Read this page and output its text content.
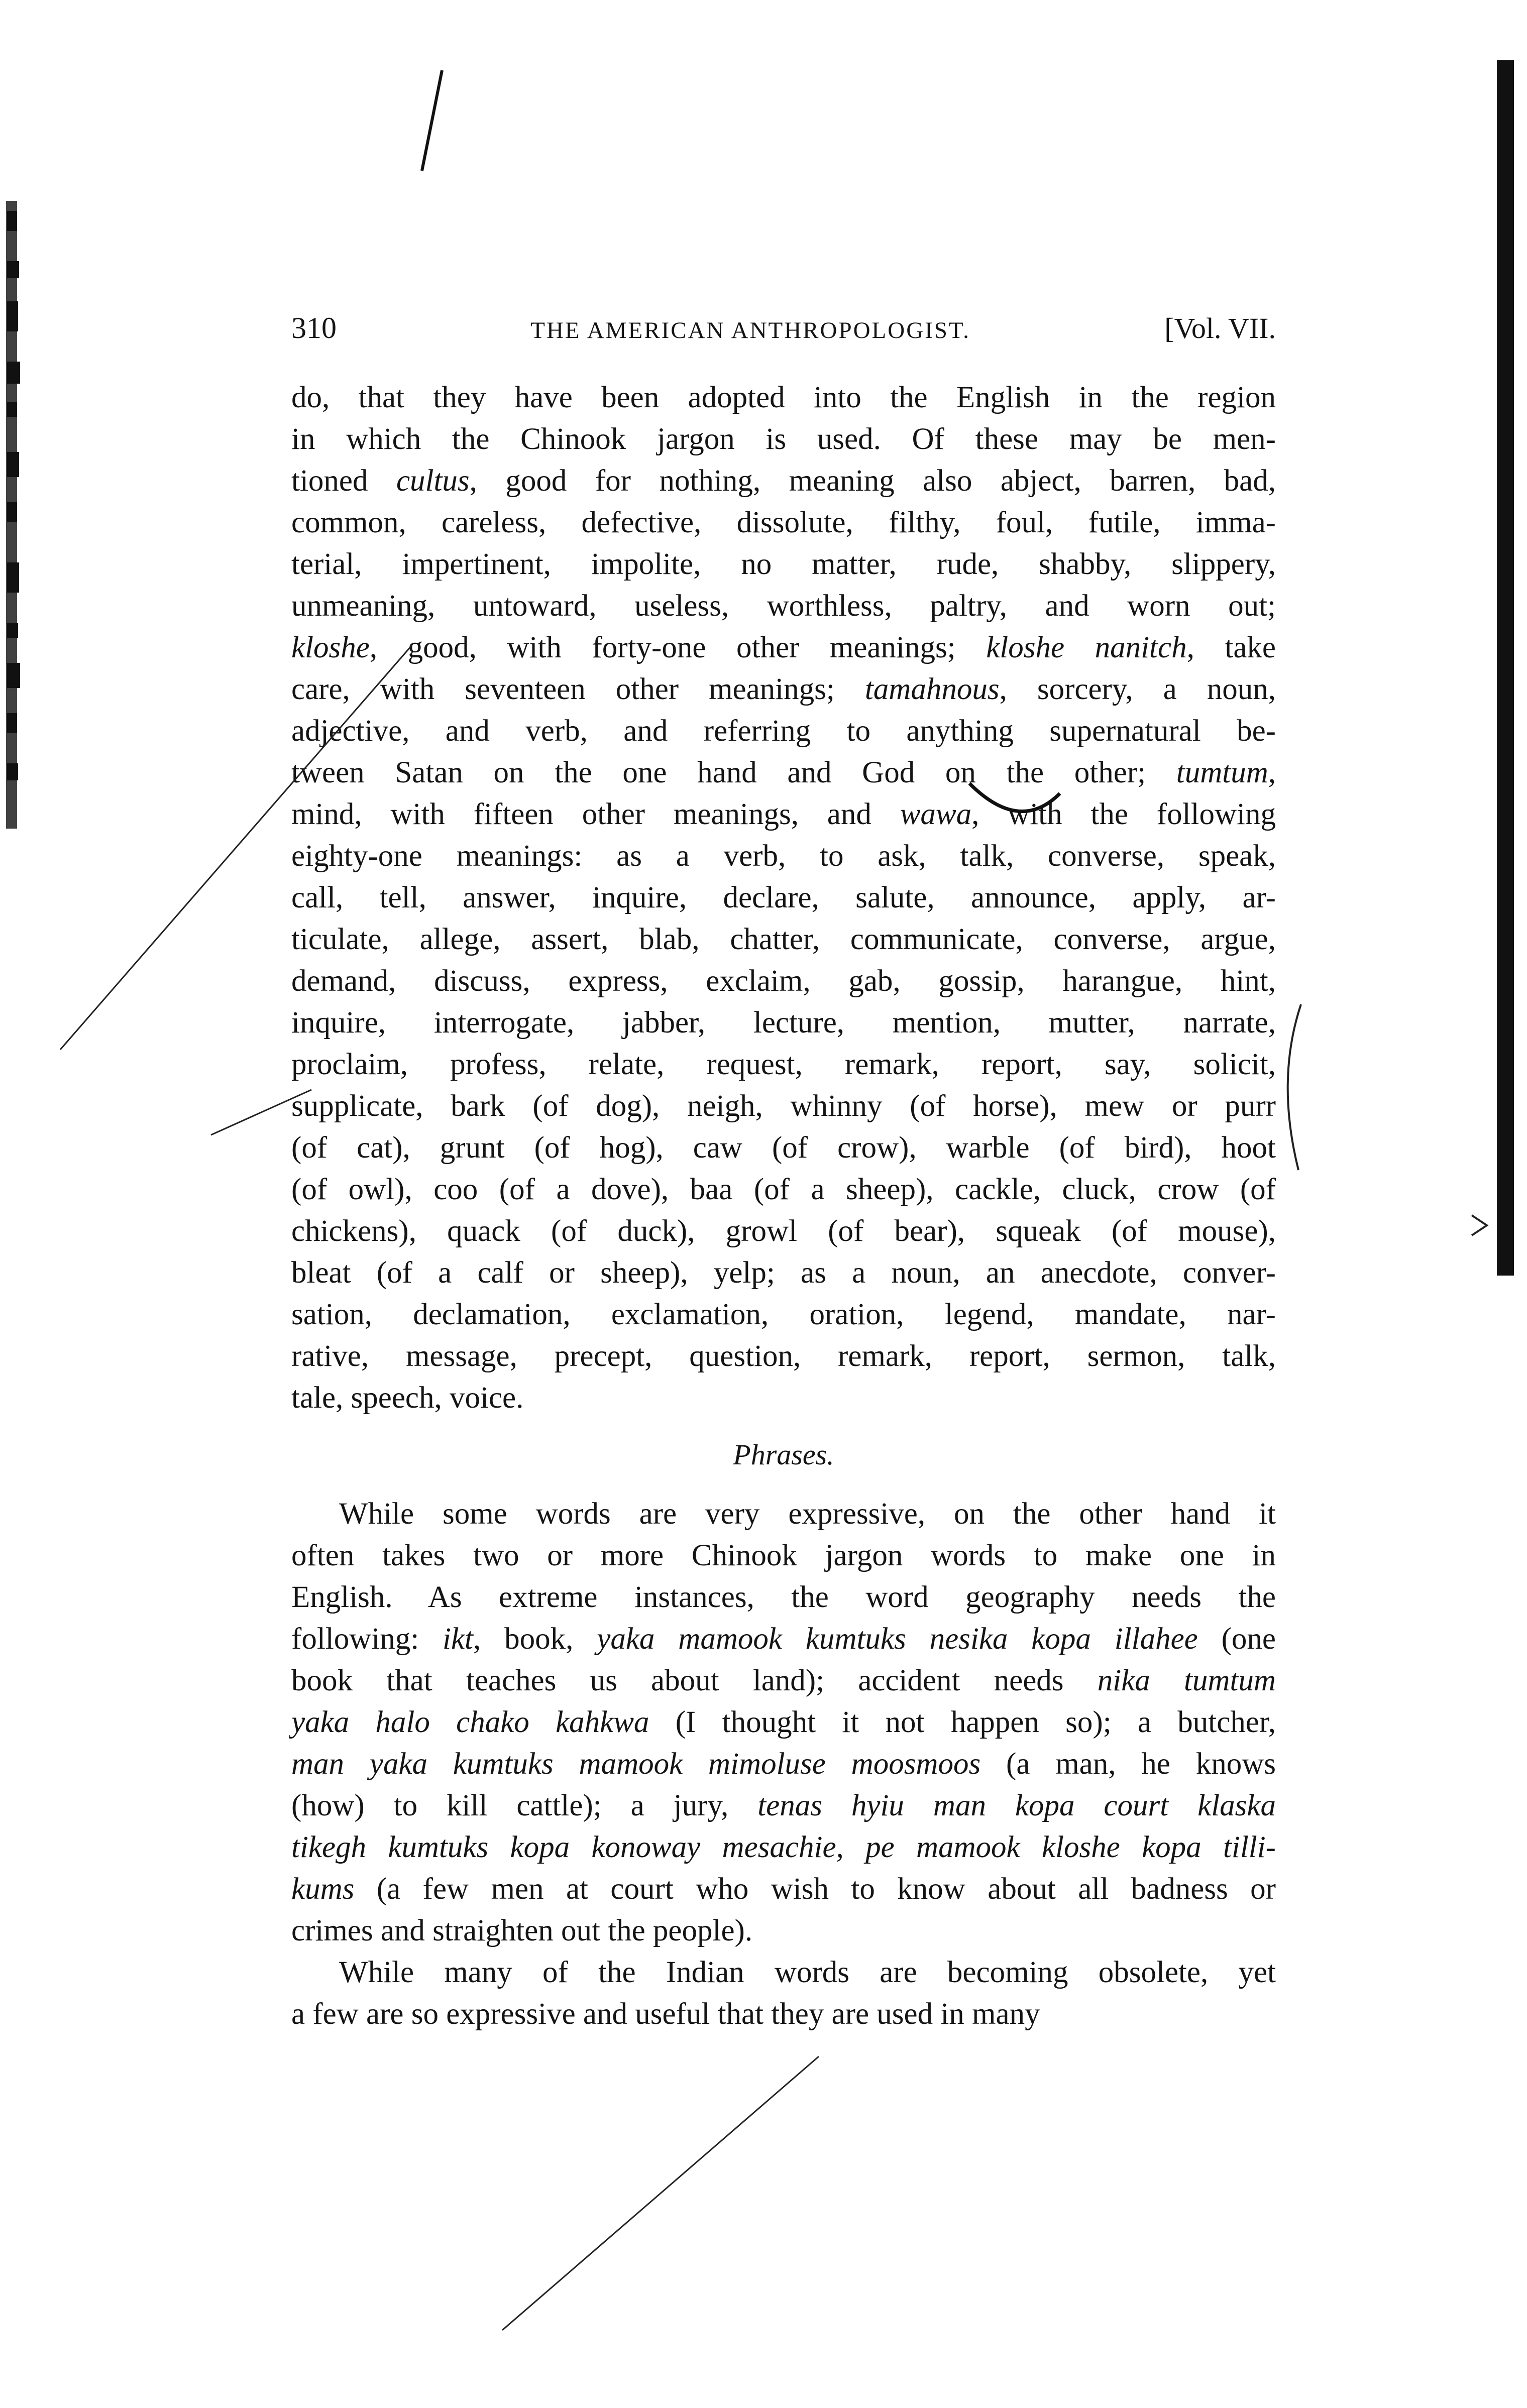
310	THE AMERICAN ANTHROPOLOGIST.	[Vol. VII.
do, that they have been adopted into the English in the region
in which the Chinook jargon is used. Of these may be men-
tioned cultus, good for nothing, meaning also abject, barren, bad,
common, careless, defective, dissolute, filthy, foul, futile, imma-
terial, impertinent, impolite, no matter, rude, shabby, slippery,
unmeaning, untoward, useless, worthless, paltry, and worn out;
kloshe, good, with forty-one other meanings; kloshe nanitch, take
care, with seventeen other meanings; tamahnous, sorcery, a noun,
adjective, and verb, and referring to anything supernatural be-
tween Satan on the one hand and God on the other; tumtum,
mind, with fifteen other meanings, and wawa, with the following
eighty-one meanings: as a verb, to ask, talk, converse, speak,
call, tell, answer, inquire, declare, salute, announce, apply, ar-
ticulate, allege, assert, blab, chatter, communicate, converse, argue,
demand, discuss, express, exclaim, gab, gossip, harangue, hint,
inquire, interrogate, jabber, lecture, mention, mutter, narrate,
proclaim, profess, relate, request, remark, report, say, solicit,
supplicate, bark (of dog), neigh, whinny (of horse), mew or purr
(of cat), grunt (of hog), caw (of crow), warble (of bird), hoot
(of owl), coo (of a dove), baa (of a sheep), cackle, cluck, crow (of
chickens), quack (of duck), growl (of bear), squeak (of mouse),
bleat (of a calf or sheep), yelp; as a noun, an anecdote, conver-
sation, declamation, exclamation, oration, legend, mandate, nar-
rative, message, precept, question, remark, report, sermon, talk,
tale, speech, voice.
Phrases.
While some words are very expressive, on the other hand it
often takes two or more Chinook jargon words to make one in
English. As extreme instances, the word geography needs the
following: ikt, book, yaka mamook kumtuks nesika kopa illahee (one
book that teaches us about land); accident needs nika tumtum
yaka halo chako kahkwa (I thought it not happen so); a butcher,
man yaka kumtuks mamook mimoluse moosmoos (a man, he knows
(how) to kill cattle); a jury, tenas hyiu man kopa court klaska
tikegh kumtuks kopa konoway mesachie, pe mamook kloshe kopa tilli-
kums (a few men at court who wish to know about all badness or
crimes and straighten out the people).
While many of the Indian words are becoming obsolete, yet
a few are so expressive and useful that they are used in many
